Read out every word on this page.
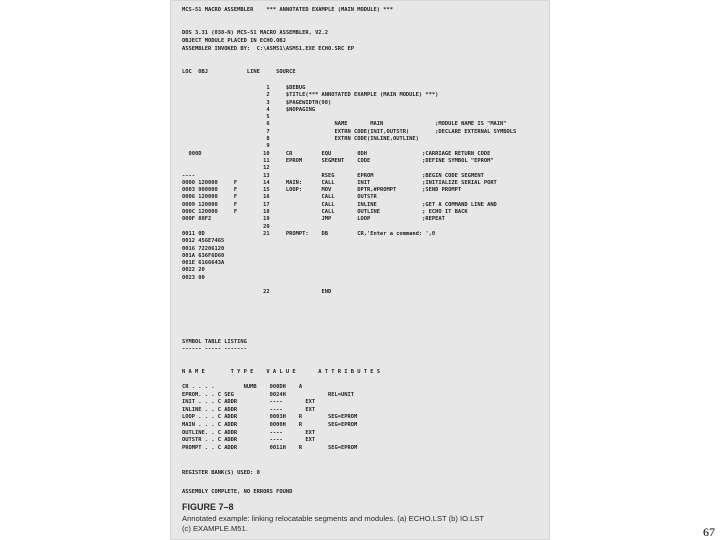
MCS-51 MACRO ASSEMBLER    *** ANNOTATED EXAMPLE (MAIN MODULE) ***
DOS 3.31 (038-N) MCS-51 MACRO ASSEMBLER, V2.2
OBJECT MODULE PLACED IN ECHO.OBJ
ASSEMBLER INVOKED BY:  C:\ASM51\ASM51.EXE ECHO.SRC EP
LOC  OBJ            LINE     SOURCE
1     $DEBUG
2     $TITLE(*** ANNOTATED EXAMPLE (MAIN MODULE) ***)
3     $PAGEWIDTH(98)
4     $NOPAGING
5
6                    NAME       MAIN                ;MODULE NAME IS "MAIN"
7                    EXTRN CODE(INIT,OUTSTR)        ;DECLARE EXTERNAL SYMBOLS
8                    EXTRN CODE(INLINE,OUTLINE)
9
000D                   10     CR         EQU        0DH                 ;CARRIAGE RETURN CODE
11     EPROM      SEGMENT    CODE                ;DEFINE SYMBOL "EPROM"
12
----                     13                RSEG       EPROM               ;BEGIN CODE SEGMENT
0000 120000     F        14     MAIN:      CALL       INIT                ;INITIALIZE SERIAL PORT
0003 900000     F        15     LOOP:      MOV        DPTR,#PROMPT        ;SEND PROMPT
0006 120000     F        16                CALL       OUTSTR
0009 120000     F        17                CALL       INLINE              ;GET A COMMAND LINE AND
000C 120000     F        18                CALL       OUTLINE             ; ECHO IT BACK
000F 80F2                19                JMP        LOOP                ;REPEAT
20
0011 0D                  21     PROMPT:    DB         CR,'Enter a command: ',0
0012 456E7465
0016 72206120
001A 636F6D60
001E 6166643A
0022 20
0023 00
22                END
SYMBOL TABLE LISTING
------ ----- -------
N A M E        T Y P E    V A L U E       A T T R I B U T E S
CR . . . .         NUMB    000DH    A
EPROM. . . C SEG           0024H             REL=UNIT
INIT . . . C ADDR          ----       EXT
INLINE . . C ADDR          ----       EXT
LOOP . . . C ADDR          0003H    R        SEG=EPROM
MAIN . . . C ADDR          0000H    R        SEG=EPROM
OUTLINE. . C ADDR          ----       EXT
OUTSTR . . C ADDR          ----       EXT
PROMPT . . C ADDR          0011H    R        SEG=EPROM
REGISTER BANK(S) USED: 0
ASSEMBLY COMPLETE, NO ERRORS FOUND
FIGURE 7–8
Annotated example: linking relocatable segments and modules. (a) ECHO.LST (b) IO.LST
(c) EXAMPLE.M51.	67
